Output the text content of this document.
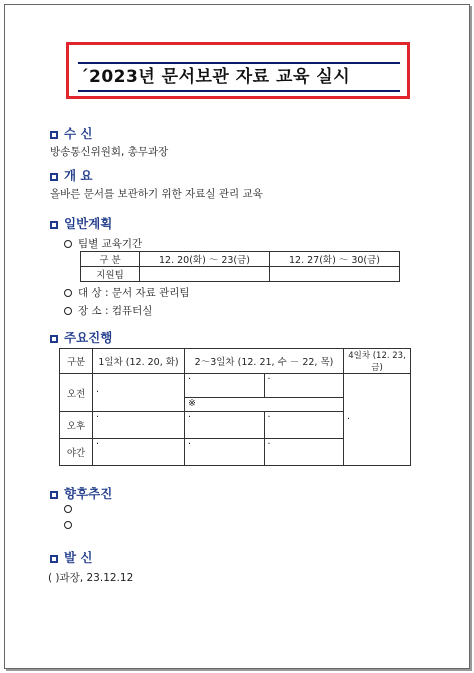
´2023년 문서보관 자료 교육 실시
수 신
방송통신위원회, 총무과장
개 요
올바른 문서를 보관하기 위한 자료실 관리 교육
일반계획
팀별 교육기간
구 분	12. 20(화) ～ 23(금)	12. 27(화) ～ 30(금)
지원팀		
대 상 : 문서 자료 관리팀
장 소 : 컴퓨터실
주요진행
구분	1일차 (12. 20, 화)	2～3일차 (12. 21, 수 － 22, 목)		4일차 (12. 23, 금)
오전	·	·	·	·
		※		
오후	·	·	·	
야간	·	·	·	
향후추진
발 신
( )과장, 23.12.12
